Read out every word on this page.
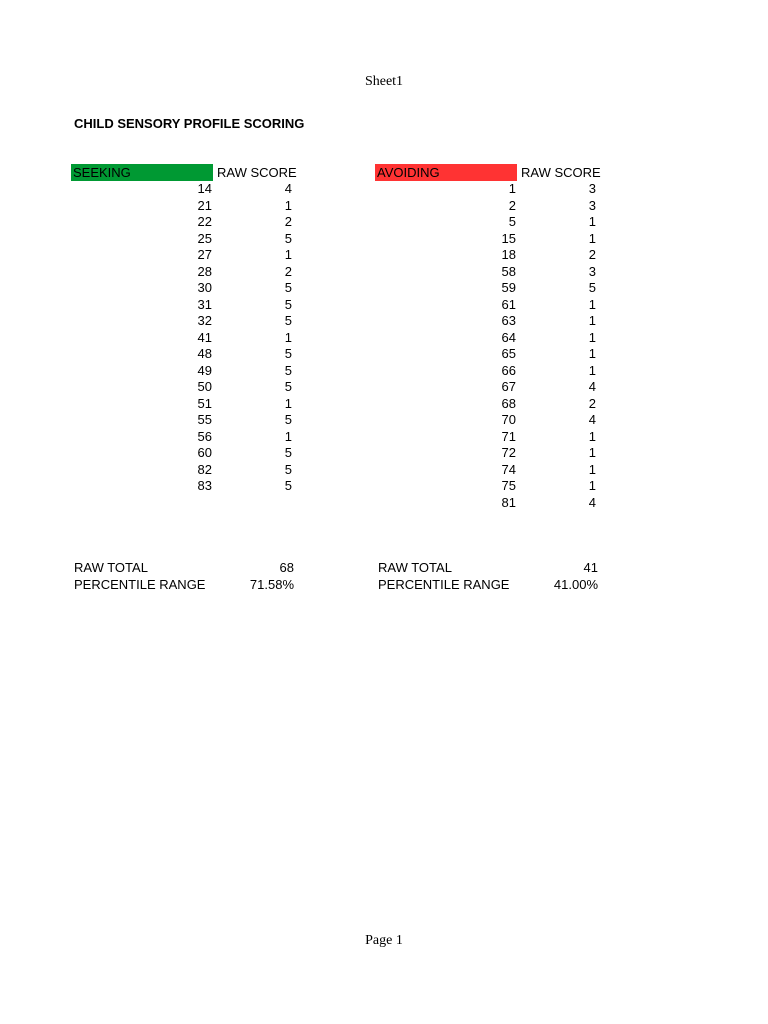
Sheet1
CHILD SENSORY PROFILE SCORING
SEEKING	RAW SCORE
14	4
21	1
22	2
25	5
27	1
28	2
30	5
31	5
32	5
41	1
48	5
49	5
50	5
51	1
55	5
56	1
60	5
82	5
83	5
AVOIDING	RAW SCORE
1	3
2	3
5	1
15	1
18	2
58	3
59	5
61	1
63	1
64	1
65	1
66	1
67	4
68	2
70	4
71	1
72	1
74	1
75	1
81	4
RAW TOTAL	68
PERCENTILE RANGE	71.58%
RAW TOTAL	41
PERCENTILE RANGE	41.00%
Page 1
